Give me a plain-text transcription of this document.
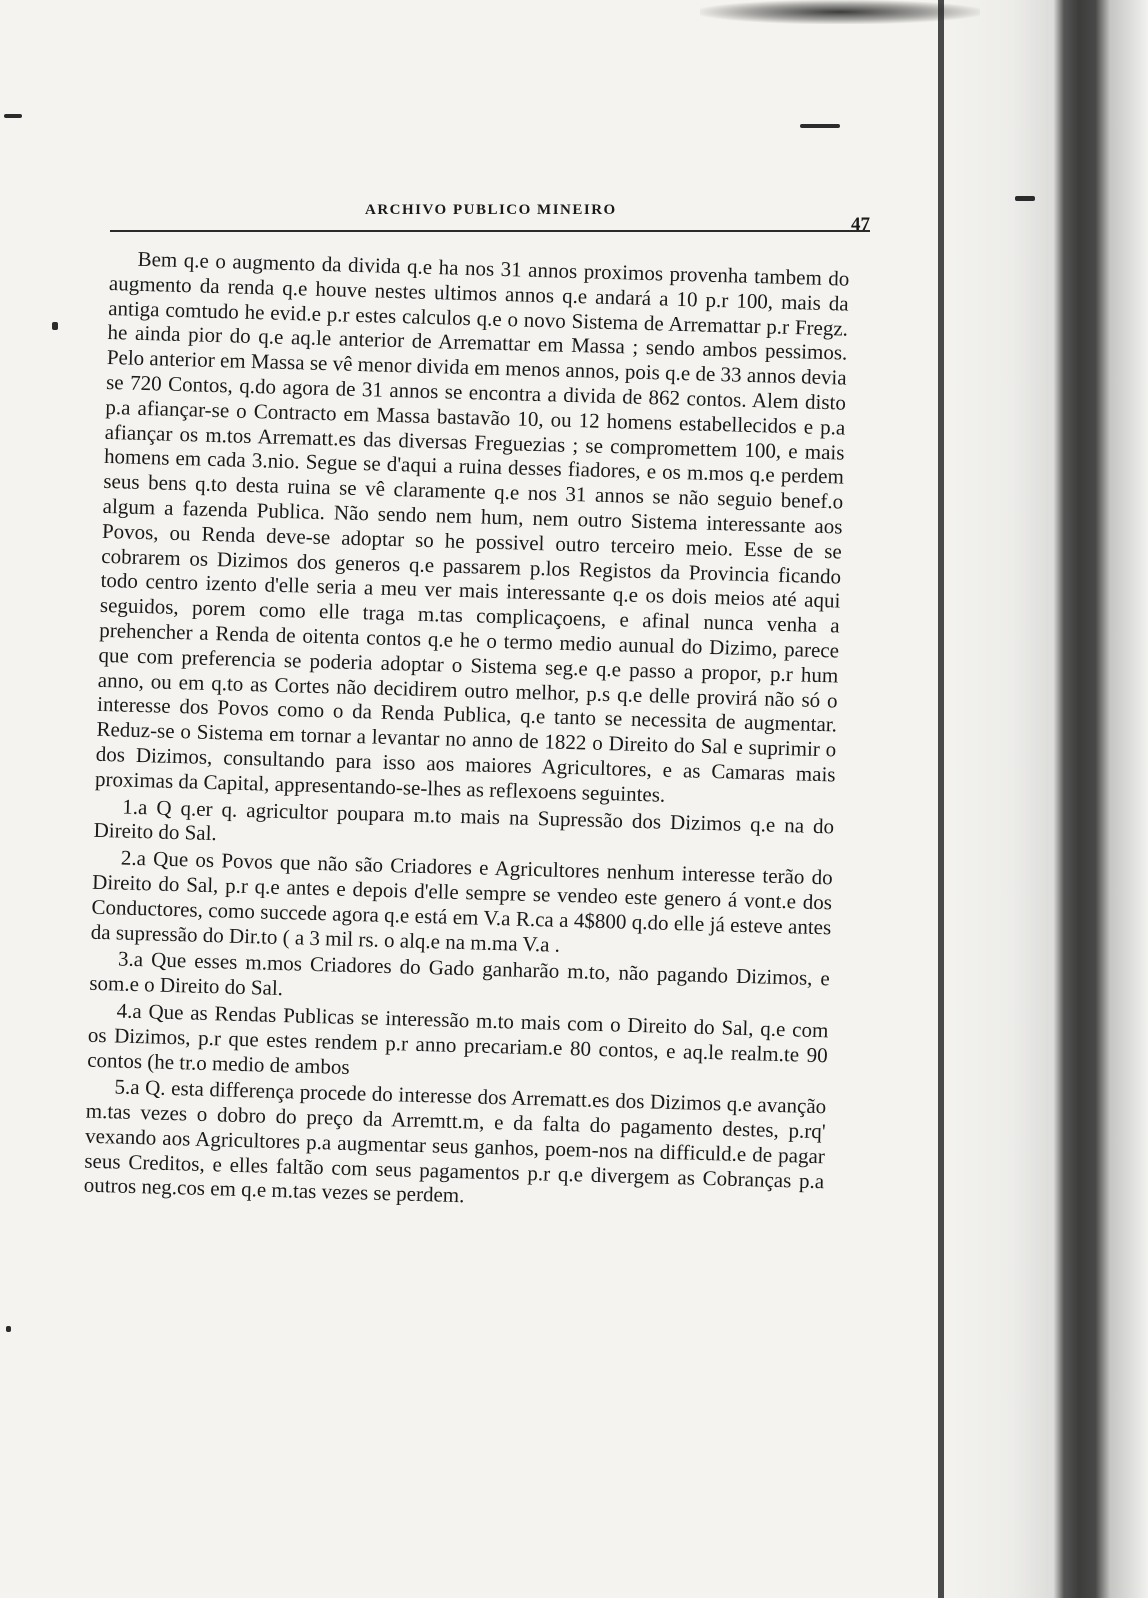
ARCHIVO PUBLICO MINEIRO
47

Bem q.e o augmento da divida q.e ha nos 31 annos proximos provenha tambem do augmento da renda q.e houve nestes ultimos annos q.e andará a 10 p.r 100, mais da antiga comtudo he evid.e p.r estes calculos q.e o novo Sistema de Arremattar p.r Fregz. he ainda pior do q.e aq.le anterior de Arremattar em Massa ; sendo ambos pessimos. Pelo anterior em Massa se vê menor divida em menos annos, pois q.e de 33 annos devia se 720 Contos, q.do agora de 31 annos se encontra a divida de 862 contos. Alem disto p.a afiançar-se o Contracto em Massa bastavão 10, ou 12 homens estabellecidos e p.a afiançar os m.tos Arrematt.es das diversas Freguezias ; se compromettem 100, e mais homens em cada 3.nio. Segue se d'aqui a ruina desses fiadores, e os m.mos q.e perdem seus bens q.to desta ruina se vê claramente q.e nos 31 annos se não seguio benef.o algum a fazenda Publica. Não sendo nem hum, nem outro Sistema interessante aos Povos, ou Renda deve-se adoptar so he possivel outro terceiro meio. Esse de se cobrarem os Dizimos dos generos q.e passarem p.los Registos da Provincia ficando todo centro izento d'elle seria a meu ver mais interessante q.e os dois meios até aqui seguidos, porem como elle traga m.tas complicaçoens, e afinal nunca venha a prehencher a Renda de oitenta contos q.e he o termo medio aunual do Dizimo, parece que com preferencia se poderia adoptar o Sistema seg.e q.e passo a propor, p.r hum anno, ou em q.to as Cortes não decidirem outro melhor, p.s q.e delle provirá não só o interesse dos Povos como o da Renda Publica, q.e tanto se necessita de augmentar. Reduz-se o Sistema em tornar a levantar no anno de 1822 o Direito do Sal e suprimir o dos Dizimos, consultando para isso aos maiores Agricultores, e as Camaras mais proximas da Capital, appresentando-se-lhes as reflexoens seguintes.

1.a Q q.er q. agricultor poupara m.to mais na Supressão dos Dizimos q.e na do Direito do Sal.

2.a Que os Povos que não são Criadores e Agricultores nenhum interesse terão do Direito do Sal, p.r q.e antes e depois d'elle sempre se vendeo este genero á vont.e dos Conductores, como succede agora q.e está em V.a R.ca a 4$800 q.do elle já esteve antes da supressão do Dir.to ( a 3 mil rs. o alq.e na m.ma V.a .

3.a Que esses m.mos Criadores do Gado ganharão m.to, não pagando Dizimos, e som.e o Direito do Sal.

4.a Que as Rendas Publicas se interessão m.to mais com o Direito do Sal, q.e com os Dizimos, p.r que estes rendem p.r anno precariam.e 80 contos, e aq.le realm.te 90 contos (he tr.o medio de ambos

5.a Q. esta differença procede do interesse dos Arrematt.es dos Dizimos q.e avanção m.tas vezes o dobro do preço da Arremtt.m, e da falta do pagamento destes, p.rq' vexando aos Agricultores p.a augmentar seus ganhos, poem-nos na difficuld.e de pagar seus Creditos, e elles faltão com seus pagamentos p.r q.e divergem as Cobranças p.a outros neg.cos em q.e m.tas vezes se perdem.
